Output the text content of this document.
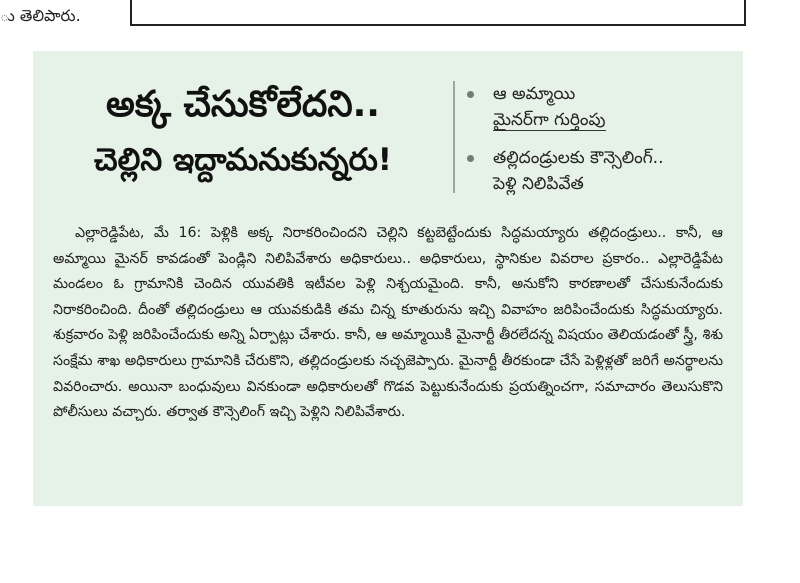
ు తెలిపారు.
అక్క చేసుకోలేదని..
చెల్లిని ఇద్దామనుకున్నరు!
ఆ అమ్మాయి
మైనర్‌గా గుర్తింపు
తల్లిదండ్రులకు కౌన్సెలింగ్‌..
పెళ్లి నిలిపివేత

ఎల్లారెడ్డిపేట, మే 16: పెళ్లికి అక్క నిరాకరించిందని చెల్లిని కట్టబెట్టేందుకు సిద్ధమయ్యారు తల్లిదండ్రులు.. కానీ, ఆ అమ్మాయి మైనర్‌ కావడంతో పెండ్లిని నిలిపివేశారు అధికారులు.. అధికారులు, స్థానికుల వివరాల ప్రకారం.. ఎల్లారెడ్డిపేట మండలం ఓ గ్రామానికి చెందిన యువతికి ఇటీవల పెళ్లి నిశ్చయమైంది. కానీ, అనుకోని కారణాలతో చేసుకునేందుకు నిరాకరించింది. దీంతో తల్లిదండ్రులు ఆ యువకుడికి తమ చిన్న కూతురును ఇచ్చి వివాహం జరిపించేందుకు సిద్ధమయ్యారు. శుక్రవారం పెళ్లి జరిపించేందుకు అన్ని ఏర్పాట్లు చేశారు. కానీ, ఆ అమ్మాయికి మైనార్టీ తీరలేదన్న విషయం తెలియడంతో స్త్రీ, శిశు సంక్షేమ శాఖ అధికారులు గ్రామానికి చేరుకొని, తల్లిదండ్రులకు నచ్చజెప్పారు. మైనార్టీ తీరకుండా చేసే పెళ్లిళ్లతో జరిగే అనర్థాలను వివరించారు. అయినా బంధువులు వినకుండా అధికారులతో గొడవ పెట్టుకునేందుకు ప్రయత్నించగా, సమాచారం తెలుసుకొని పోలీసులు వచ్చారు. తర్వాత కౌన్సెలింగ్‌ ఇచ్చి పెళ్లిని నిలిపివేశారు.
